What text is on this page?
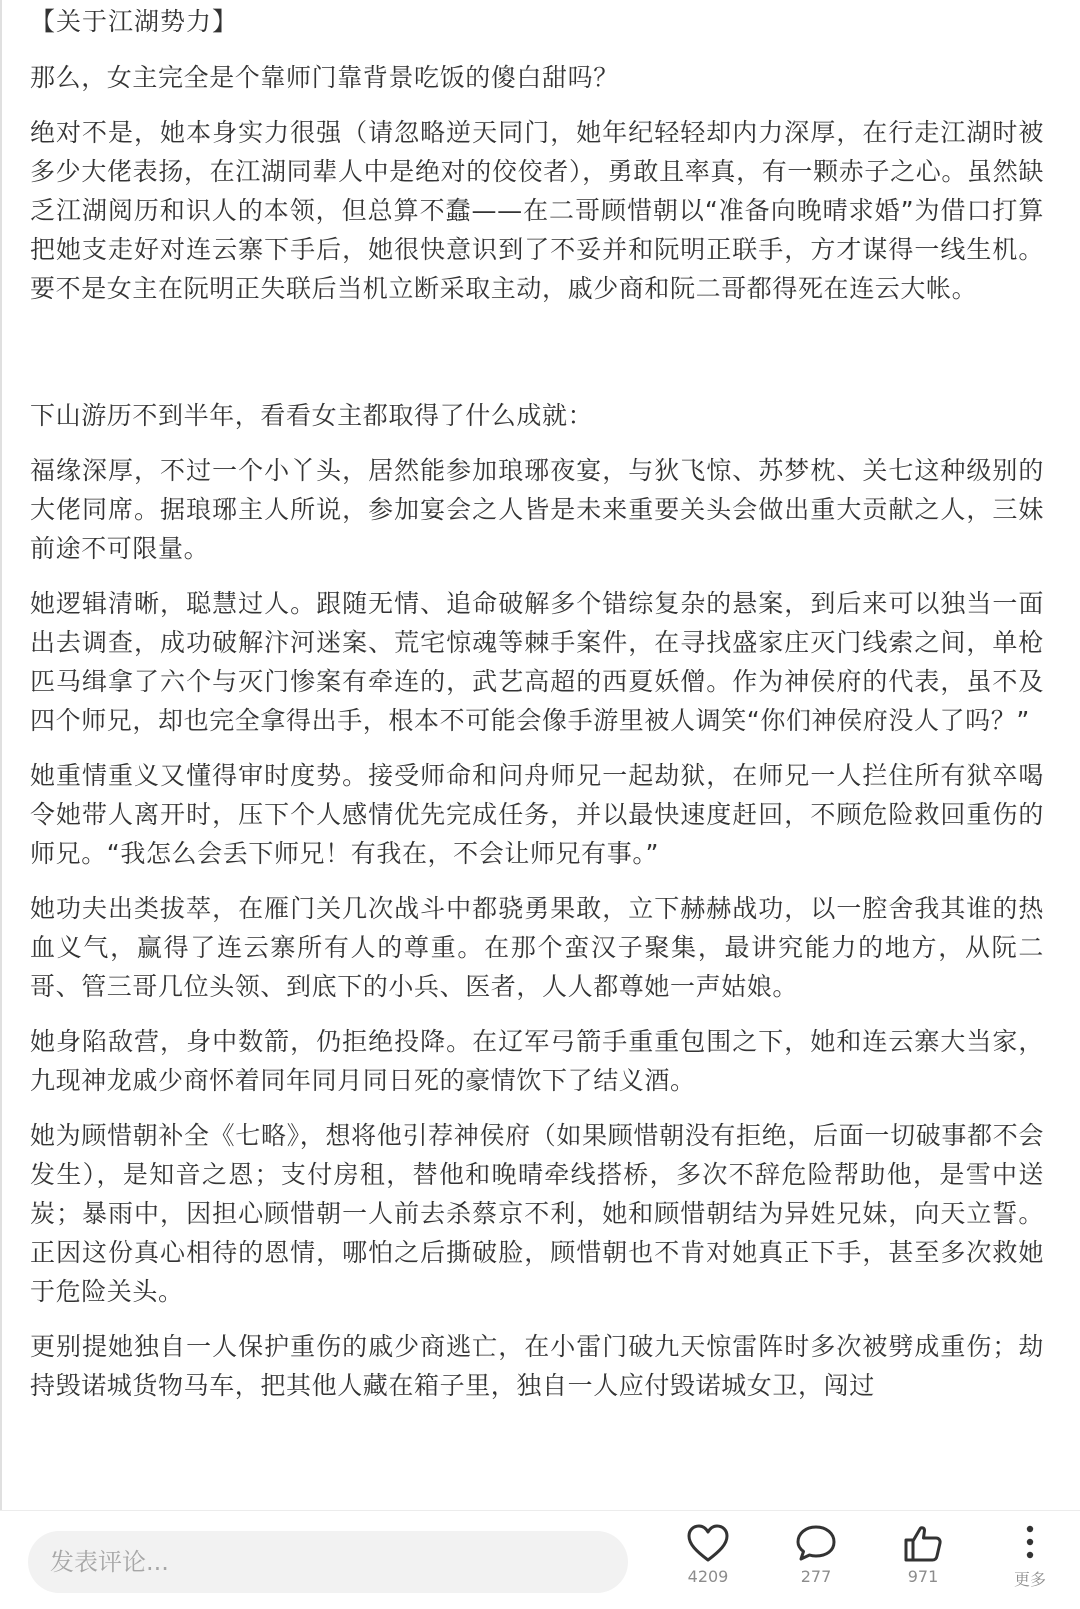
【关于江湖势力】

那么，女主完全是个靠师门靠背景吃饭的傻白甜吗？

绝对不是，她本身实力很强（请忽略逆天同门，她年纪轻轻却内力深厚，在行走江湖时被多少大佬表扬，在江湖同辈人中是绝对的佼佼者），勇敢且率真，有一颗赤子之心。虽然缺乏江湖阅历和识人的本领，但总算不蠢——在二哥顾惜朝以“准备向晚晴求婚”为借口打算把她支走好对连云寨下手后，她很快意识到了不妥并和阮明正联手，方才谋得一线生机。要不是女主在阮明正失联后当机立断采取主动，戚少商和阮二哥都得死在连云大帐。

下山游历不到半年，看看女主都取得了什么成就：

福缘深厚，不过一个小丫头，居然能参加琅琊夜宴，与狄飞惊、苏梦枕、关七这种级别的大佬同席。据琅琊主人所说，参加宴会之人皆是未来重要关头会做出重大贡献之人，三妹前途不可限量。

她逻辑清晰，聪慧过人。跟随无情、追命破解多个错综复杂的悬案，到后来可以独当一面出去调查，成功破解汴河迷案、荒宅惊魂等棘手案件，在寻找盛家庄灭门线索之间，单枪匹马缉拿了六个与灭门惨案有牵连的，武艺高超的西夏妖僧。作为神侯府的代表，虽不及四个师兄，却也完全拿得出手，根本不可能会像手游里被人调笑“你们神侯府没人了吗？”

她重情重义又懂得审时度势。接受师命和问舟师兄一起劫狱，在师兄一人拦住所有狱卒喝令她带人离开时，压下个人感情优先完成任务，并以最快速度赶回，不顾危险救回重伤的师兄。“我怎么会丢下师兄！有我在，不会让师兄有事。”

她功夫出类拔萃，在雁门关几次战斗中都骁勇果敢，立下赫赫战功，以一腔舍我其谁的热血义气，赢得了连云寨所有人的尊重。在那个蛮汉子聚集，最讲究能力的地方，从阮二哥、管三哥几位头领、到底下的小兵、医者，人人都尊她一声姑娘。

她身陷敌营，身中数箭，仍拒绝投降。在辽军弓箭手重重包围之下，她和连云寨大当家，九现神龙戚少商怀着同年同月同日死的豪情饮下了结义酒。

她为顾惜朝补全《七略》，想将他引荐神侯府（如果顾惜朝没有拒绝，后面一切破事都不会发生），是知音之恩；支付房租，替他和晚晴牵线搭桥，多次不辞危险帮助他，是雪中送炭；暴雨中，因担心顾惜朝一人前去杀蔡京不利，她和顾惜朝结为异姓兄妹，向天立誓。正因这份真心相待的恩情，哪怕之后撕破脸，顾惜朝也不肯对她真正下手，甚至多次救她于危险关头。

更别提她独自一人保护重伤的戚少商逃亡，在小雷门破九天惊雷阵时多次被劈成重伤；劫持毁诺城货物马车，把其他人藏在箱子里，独自一人应付毁诺城女卫，闯过

发表评论...
4209	277	971	更多
